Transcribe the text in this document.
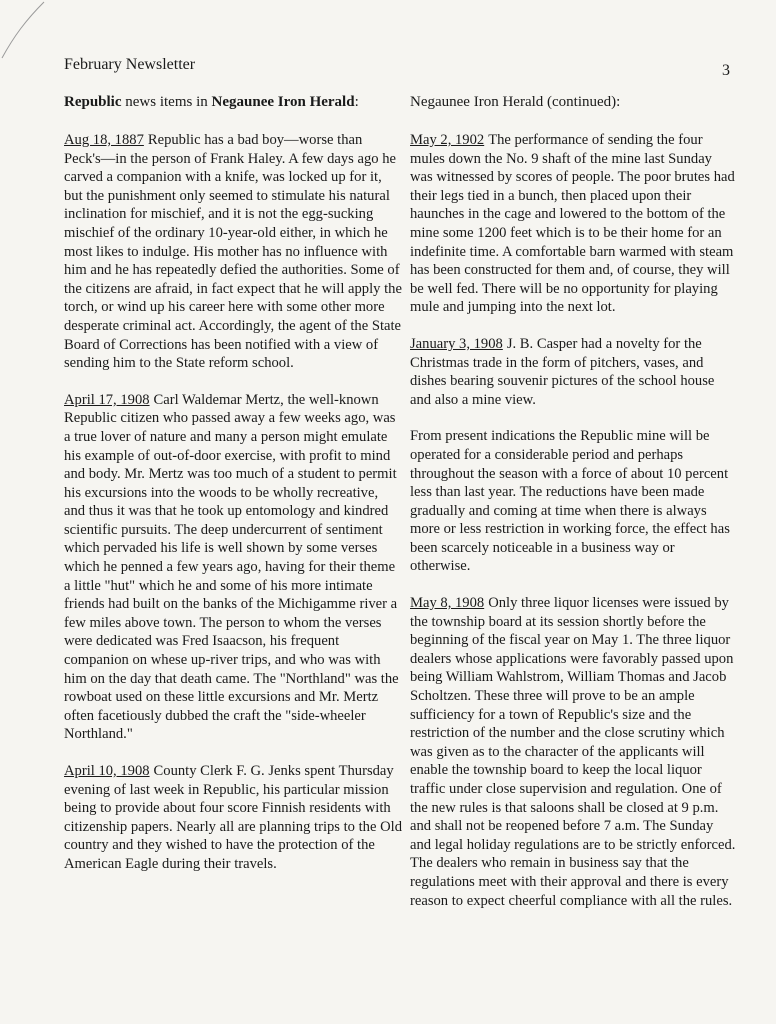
February Newsletter	3

Republic news items in Negaunee Iron Herald:

Aug 18, 1887 Republic has a bad boy—worse than Peck's—in the person of Frank Haley. A few days ago he carved a companion with a knife, was locked up for it, but the punishment only seemed to stimulate his natural inclination for mischief, and it is not the egg-sucking mischief of the ordinary 10-year-old either, in which he most likes to indulge. His mother has no influence with him and he has repeatedly defied the authorities. Some of the citizens are afraid, in fact expect that he will apply the torch, or wind up his career here with some other more desperate criminal act. Accordingly, the agent of the State Board of Corrections has been notified with a view of sending him to the State reform school.

April 17, 1908 Carl Waldemar Mertz, the well-known Republic citizen who passed away a few weeks ago, was a true lover of nature and many a person might emulate his example of out-of-door exercise, with profit to mind and body. Mr. Mertz was too much of a student to permit his excursions into the woods to be wholly recreative, and thus it was that he took up entomology and kindred scientific pursuits. The deep undercurrent of sentiment which pervaded his life is well shown by some verses which he penned a few years ago, having for their theme a little "hut" which he and some of his more intimate friends had built on the banks of the Michigamme river a few miles above town. The person to whom the verses were dedicated was Fred Isaacson, his frequent companion on whese up-river trips, and who was with him on the day that death came. The "Northland" was the rowboat used on these little excursions and Mr. Mertz often facetiously dubbed the craft the "side-wheeler Northland."

April 10, 1908 County Clerk F. G. Jenks spent Thursday evening of last week in Republic, his particular mission being to provide about four score Finnish residents with citizenship papers. Nearly all are planning trips to the Old country and they wished to have the protection of the American Eagle during their travels.

Negaunee Iron Herald (continued):

May 2, 1902 The performance of sending the four mules down the No. 9 shaft of the mine last Sunday was witnessed by scores of people. The poor brutes had their legs tied in a bunch, then placed upon their haunches in the cage and lowered to the bottom of the mine some 1200 feet which is to be their home for an indefinite time. A comfortable barn warmed with steam has been constructed for them and, of course, they will be well fed. There will be no opportunity for playing mule and jumping into the next lot.

January 3, 1908 J. B. Casper had a novelty for the Christmas trade in the form of pitchers, vases, and dishes bearing souvenir pictures of the school house and also a mine view.

From present indications the Republic mine will be operated for a considerable period and perhaps throughout the season with a force of about 10 percent less than last year. The reductions have been made gradually and coming at time when there is always more or less restriction in working force, the effect has been scarcely noticeable in a business way or otherwise.

May 8, 1908 Only three liquor licenses were issued by the township board at its session shortly before the beginning of the fiscal year on May 1. The three liquor dealers whose applications were favorably passed upon being William Wahlstrom, William Thomas and Jacob Scholtzen. These three will prove to be an ample sufficiency for a town of Republic's size and the restriction of the number and the close scrutiny which was given as to the character of the applicants will enable the township board to keep the local liquor traffic under close supervision and regulation. One of the new rules is that saloons shall be closed at 9 p.m. and shall not be reopened before 7 a.m. The Sunday and legal holiday regulations are to be strictly enforced. The dealers who remain in business say that the regulations meet with their approval and there is every reason to expect cheerful compliance with all the rules.
